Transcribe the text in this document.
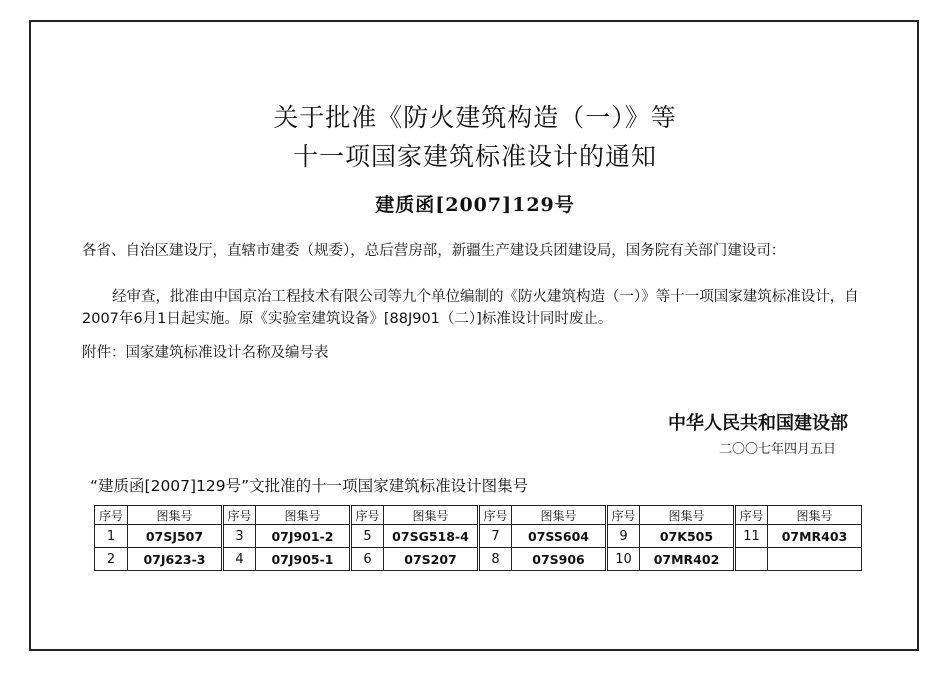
关于批准《防火建筑构造（一）》等
十一项国家建筑标准设计的通知
建质函[2007]129号
各省、自治区建设厅，直辖市建委（规委），总后营房部，新疆生产建设兵团建设局，国务院有关部门建设司：
经审查，批准由中国京冶工程技术有限公司等九个单位编制的《防火建筑构造（一）》等十一项国家建筑标准设计，自2007年6月1日起实施。原《实验室建筑设备》[88J901（二）]标准设计同时废止。
附件：国家建筑标准设计名称及编号表
中华人民共和国建设部
二〇〇七年四月五日
“建质函[2007]129号”文批准的十一项国家建筑标准设计图集号
序号	图集号	序号	图集号	序号	图集号	序号	图集号	序号	图集号	序号	图集号
1	07SJ507	3	07J901-2	5	07SG518-4	7	07SS604	9	07K505	11	07MR403
2	07J623-3	4	07J905-1	6	07S207	8	07S906	10	07MR402		
